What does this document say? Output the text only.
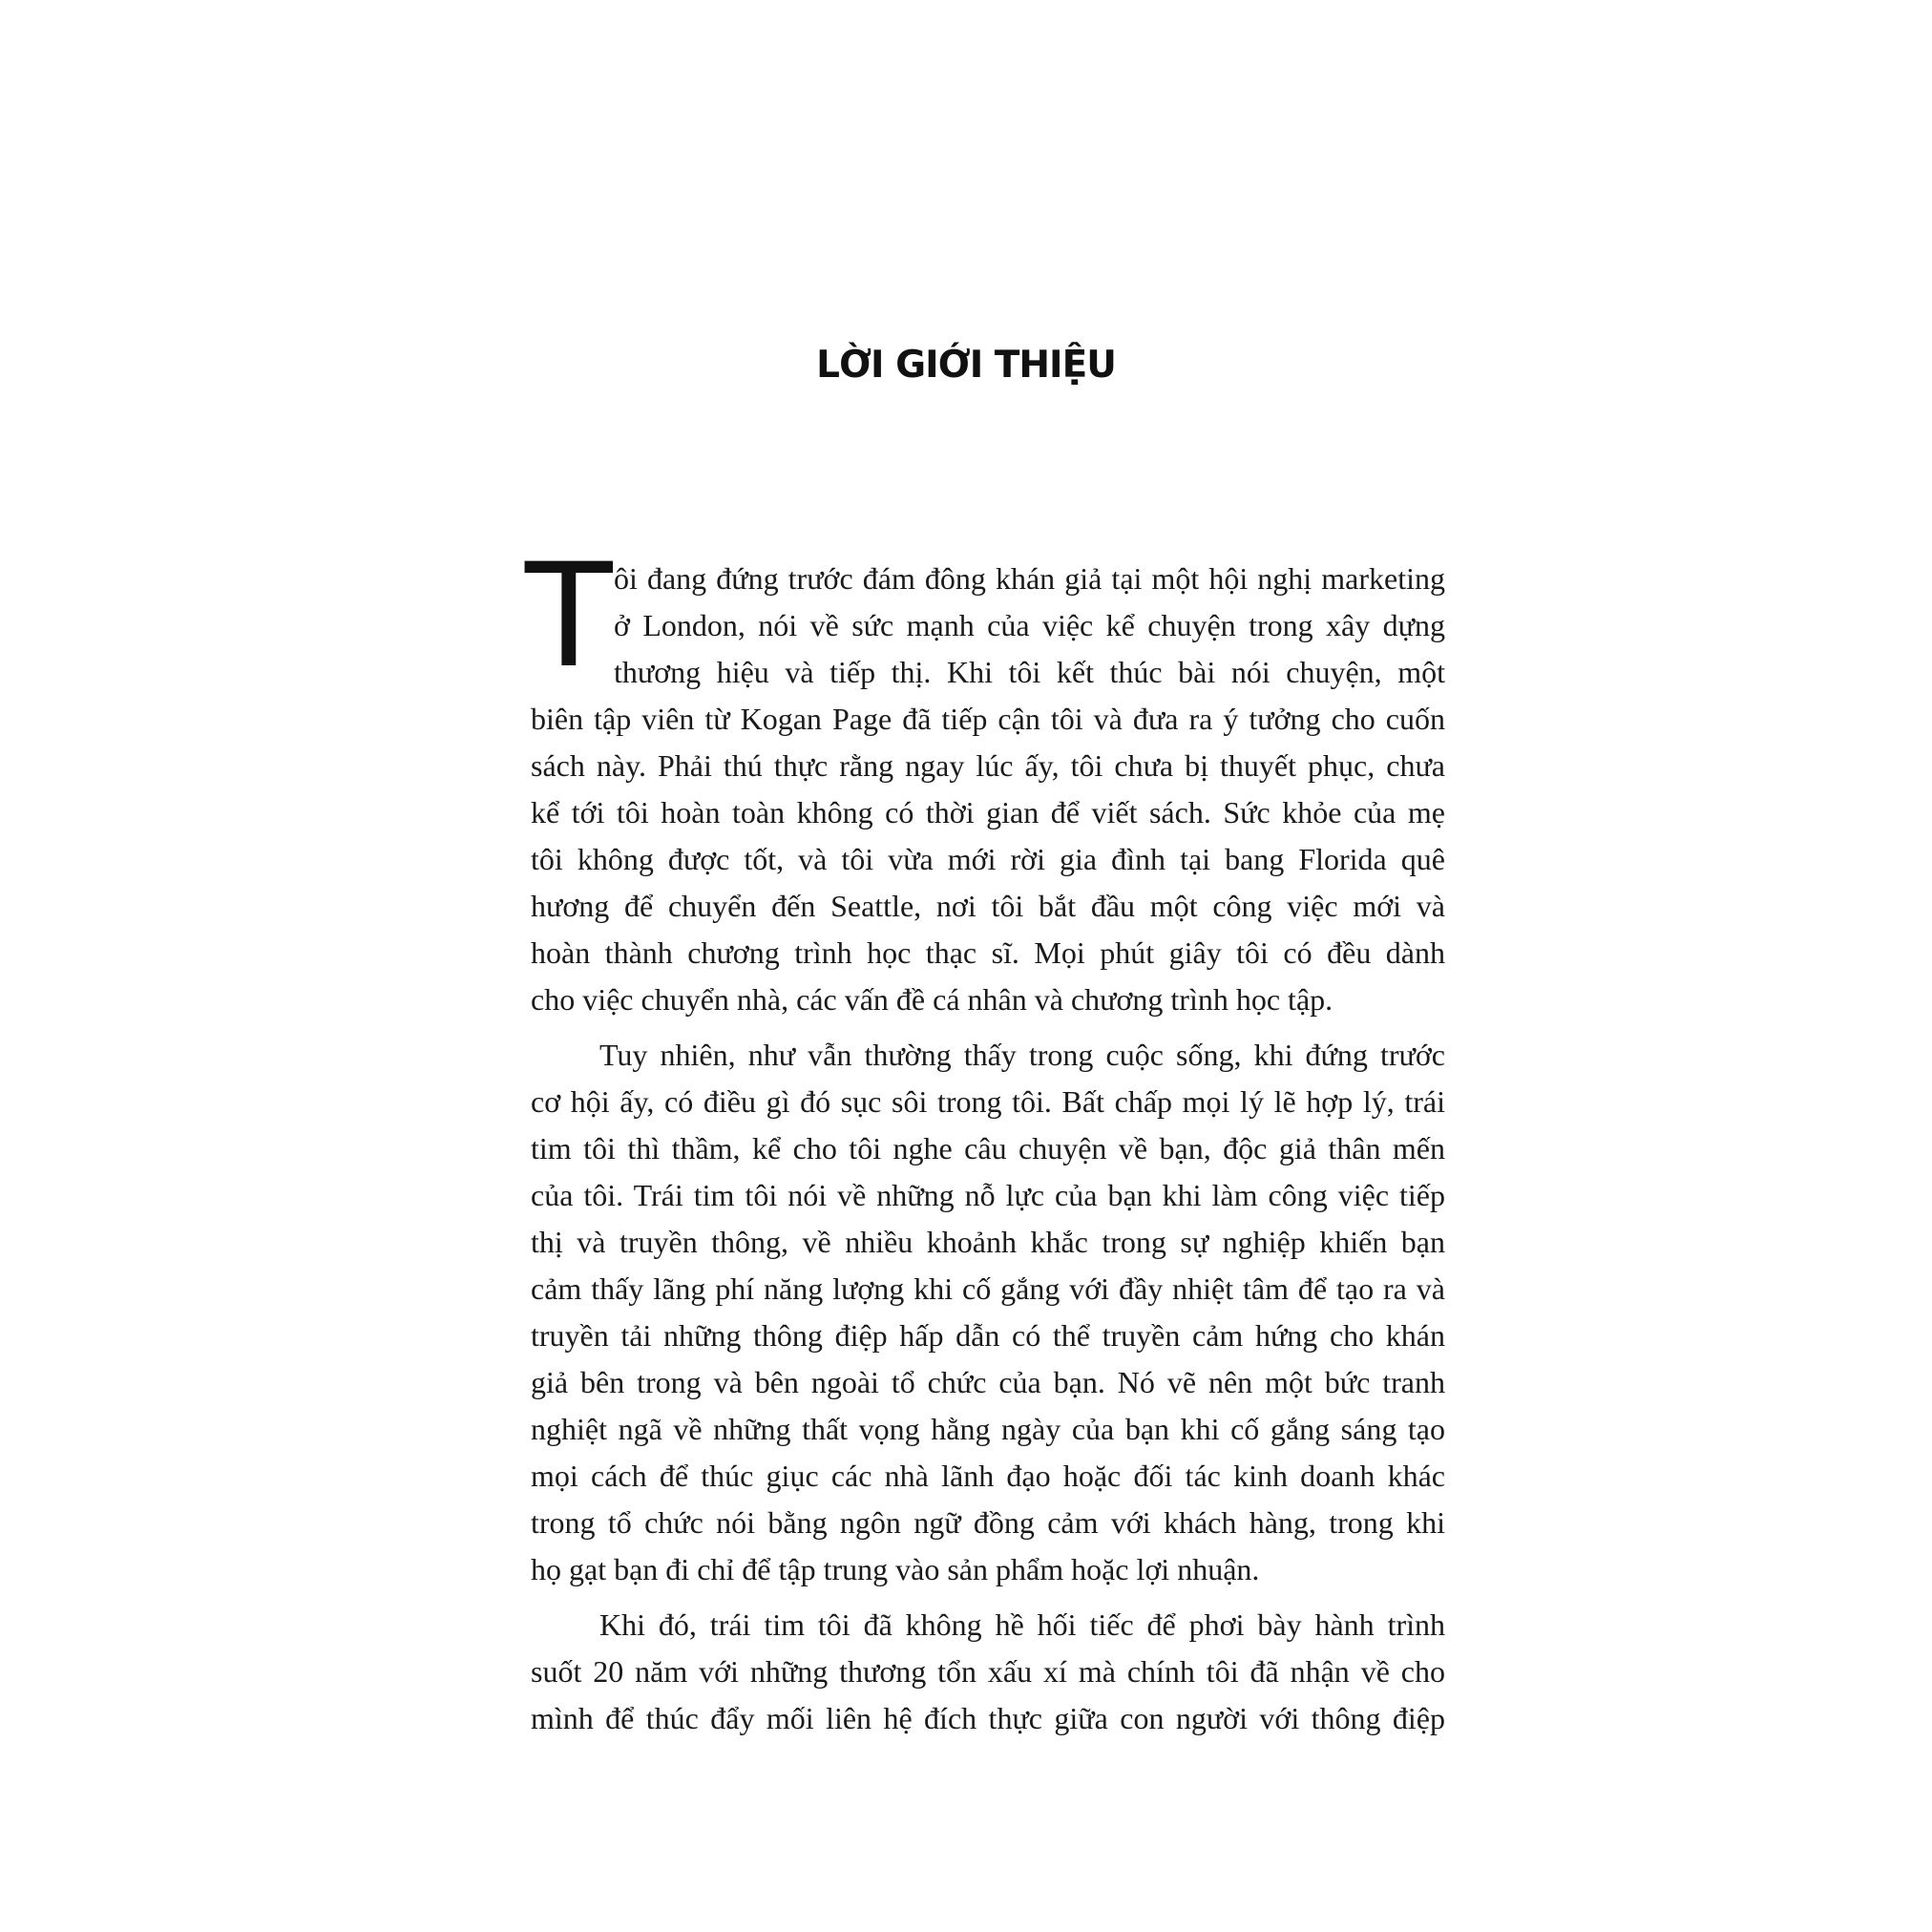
LỜI GIỚI THIỆU
T ôi đang đứng trước đám đông khán giả tại một hội nghị marketing
ở London, nói về sức mạnh của việc kể chuyện trong xây dựng
thương hiệu và tiếp thị. Khi tôi kết thúc bài nói chuyện, một
biên tập viên từ Kogan Page đã tiếp cận tôi và đưa ra ý tưởng cho cuốn
sách này. Phải thú thực rằng ngay lúc ấy, tôi chưa bị thuyết phục, chưa
kể tới tôi hoàn toàn không có thời gian để viết sách. Sức khỏe của mẹ
tôi không được tốt, và tôi vừa mới rời gia đình tại bang Florida quê
hương để chuyển đến Seattle, nơi tôi bắt đầu một công việc mới và
hoàn thành chương trình học thạc sĩ. Mọi phút giây tôi có đều dành
cho việc chuyển nhà, các vấn đề cá nhân và chương trình học tập.
Tuy nhiên, như vẫn thường thấy trong cuộc sống, khi đứng trước
cơ hội ấy, có điều gì đó sục sôi trong tôi. Bất chấp mọi lý lẽ hợp lý, trái
tim tôi thì thầm, kể cho tôi nghe câu chuyện về bạn, độc giả thân mến
của tôi. Trái tim tôi nói về những nỗ lực của bạn khi làm công việc tiếp
thị và truyền thông, về nhiều khoảnh khắc trong sự nghiệp khiến bạn
cảm thấy lãng phí năng lượng khi cố gắng với đầy nhiệt tâm để tạo ra và
truyền tải những thông điệp hấp dẫn có thể truyền cảm hứng cho khán
giả bên trong và bên ngoài tổ chức của bạn. Nó vẽ nên một bức tranh
nghiệt ngã về những thất vọng hằng ngày của bạn khi cố gắng sáng tạo
mọi cách để thúc giục các nhà lãnh đạo hoặc đối tác kinh doanh khác
trong tổ chức nói bằng ngôn ngữ đồng cảm với khách hàng, trong khi
họ gạt bạn đi chỉ để tập trung vào sản phẩm hoặc lợi nhuận.
Khi đó, trái tim tôi đã không hề hối tiếc để phơi bày hành trình
suốt 20 năm với những thương tổn xấu xí mà chính tôi đã nhận về cho
mình để thúc đẩy mối liên hệ đích thực giữa con người với thông điệp
